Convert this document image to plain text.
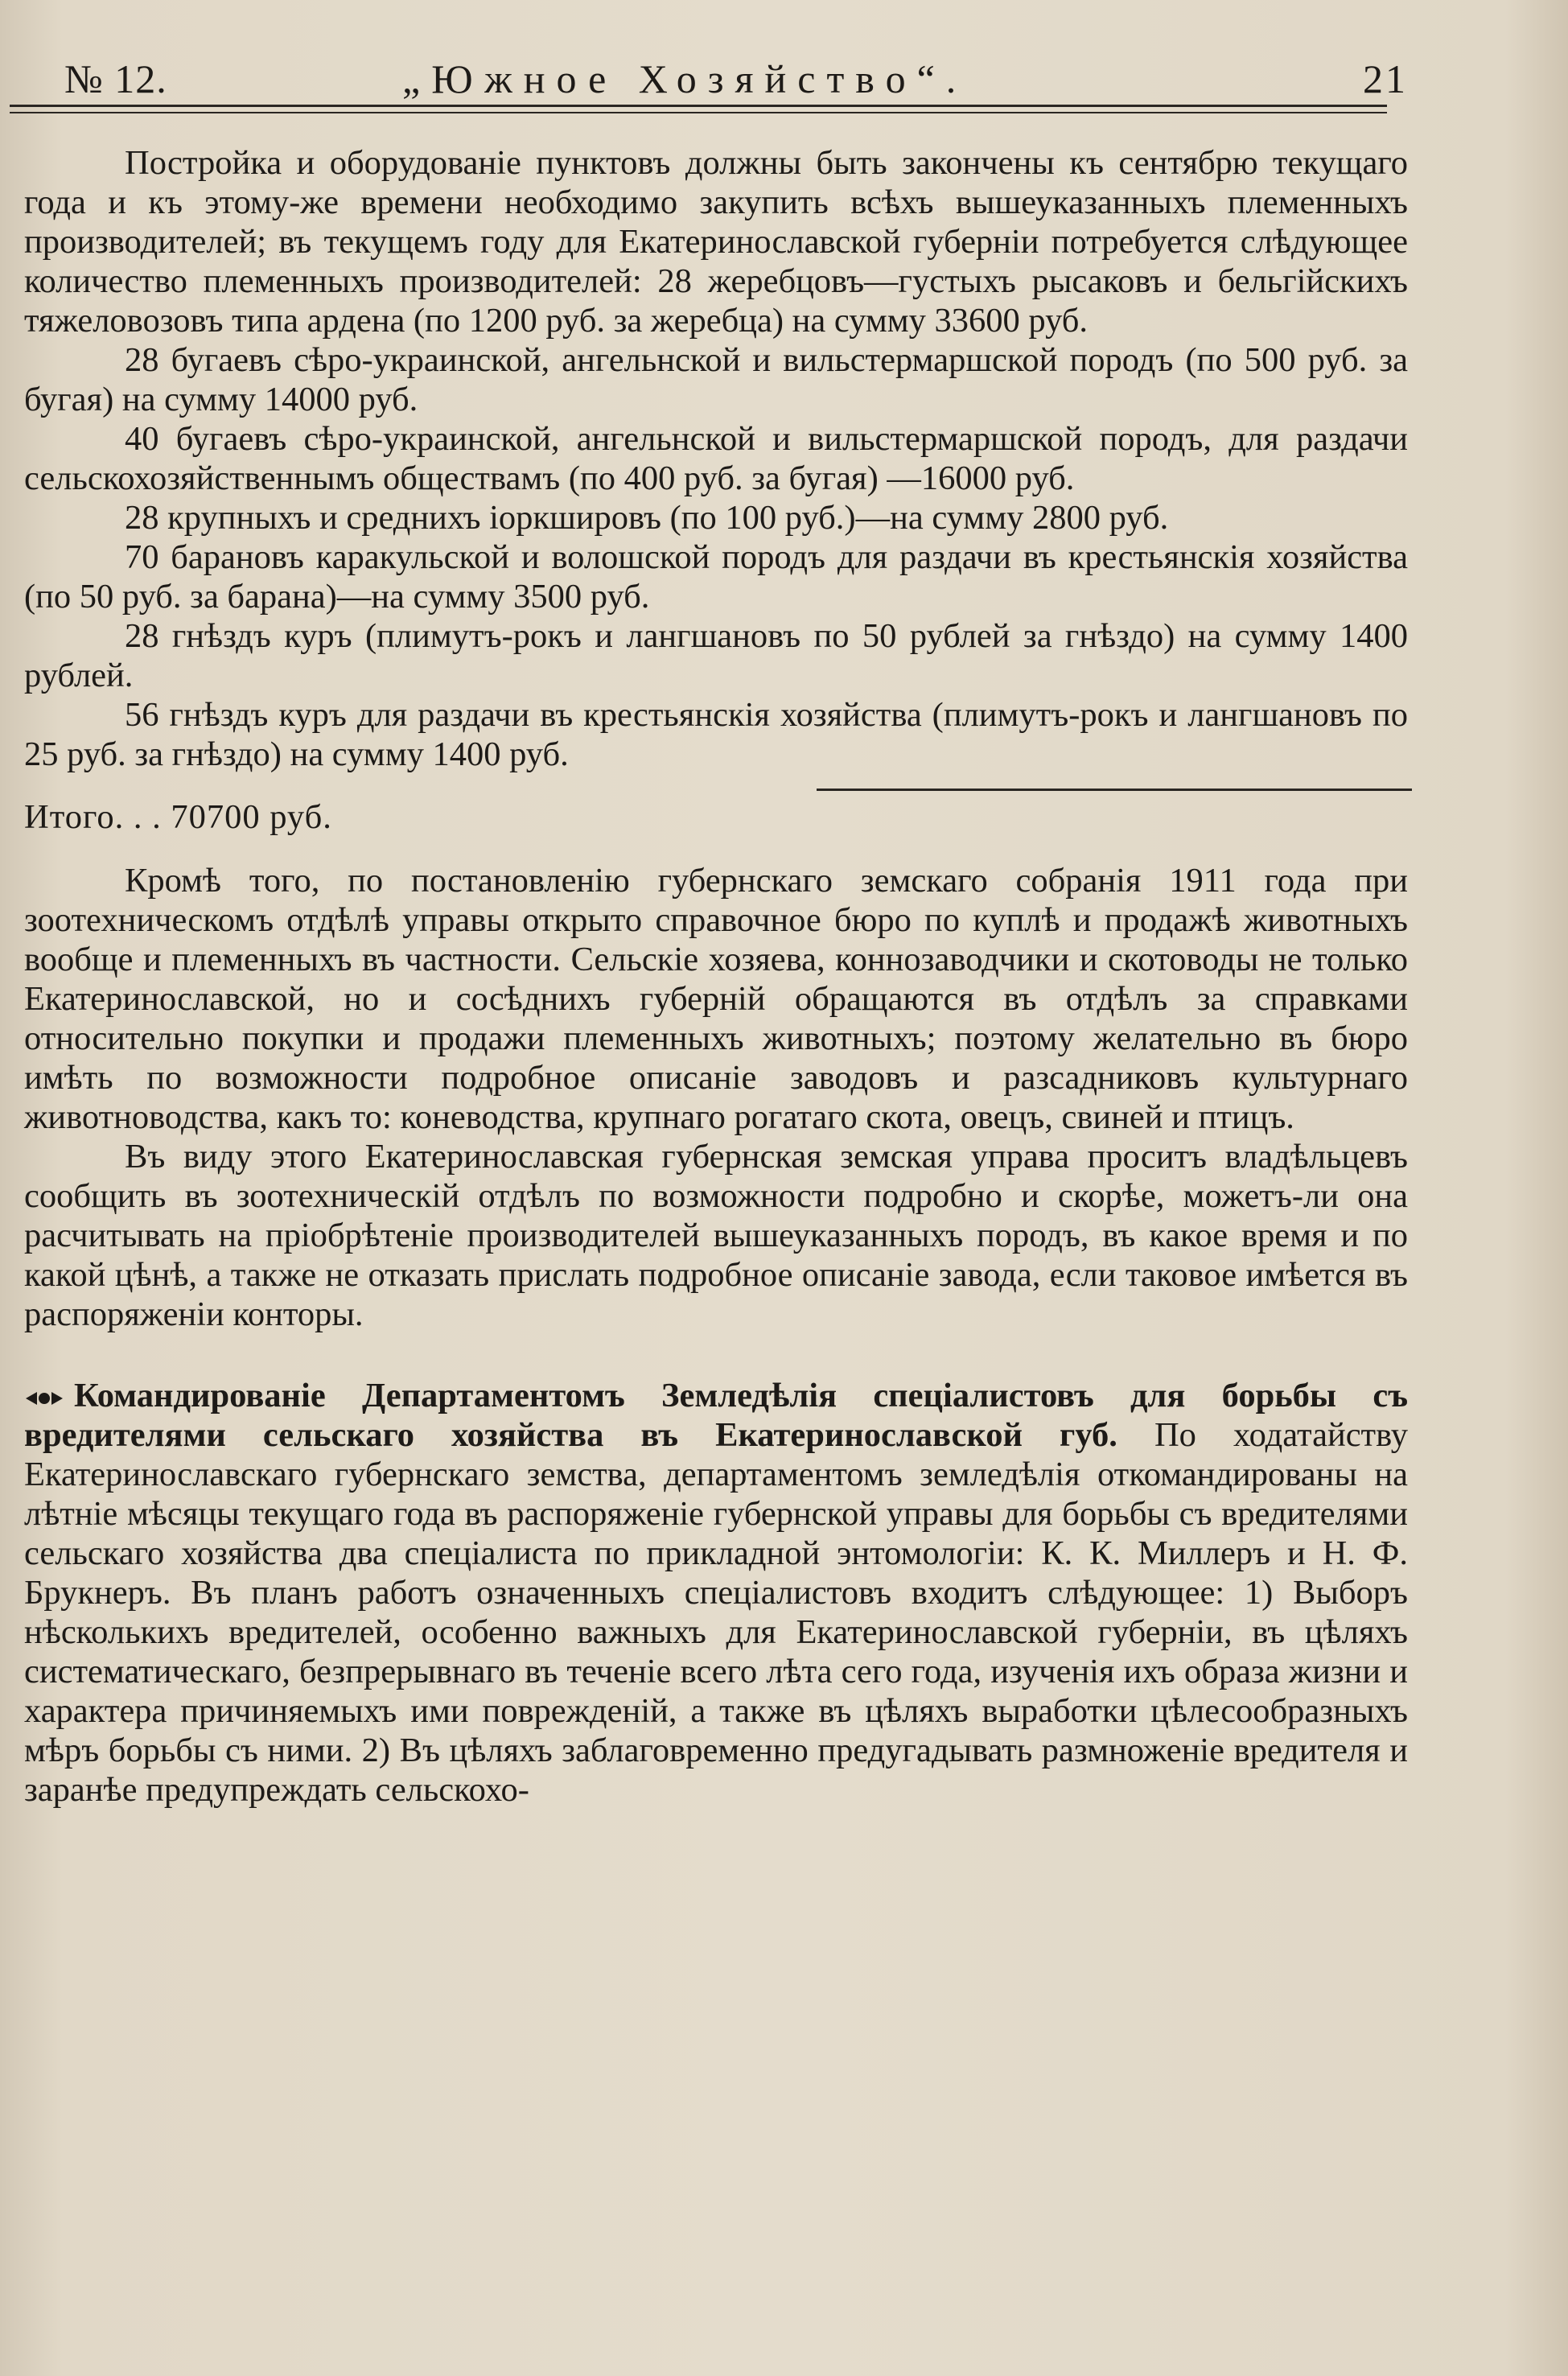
№ 12.	„Южное Хозяйство“.	21

Постройка и оборудованіе пунктовъ должны быть закончены къ сентябрю текущаго года и къ этому-же времени необходимо закупить всѣхъ вышеуказанныхъ племенныхъ производителей; въ текущемъ году для Екатеринославской губерніи потребуется слѣдующее количество племенныхъ производителей: 28 жеребцовъ—густыхъ рысаковъ и бельгійскихъ тяжеловозовъ типа ардена (по 1200 руб. за жеребца) на сумму 33600 руб.

28 бугаевъ сѣро-украинской, ангельнской и вильстермаршской породъ (по 500 руб. за бугая) на сумму 14000 руб.

40 бугаевъ сѣро-украинской, ангельнской и вильстермаршской породъ, для раздачи сельскохозяйственнымъ обществамъ (по 400 руб. за бугая) —16000 руб.

28 крупныхъ и среднихъ іоркшировъ (по 100 руб.)—на сумму 2800 руб.

70 барановъ каракульской и волошской породъ для раздачи въ крестьянскія хозяйства (по 50 руб. за барана)—на сумму 3500 руб.

28 гнѣздъ куръ (плимутъ-рокъ и лангшановъ по 50 рублей за гнѣздо) на сумму 1400 рублей.

56 гнѣздъ куръ для раздачи въ крестьянскія хозяйства (плимутъ-рокъ и лангшановъ по 25 руб. за гнѣздо) на сумму 1400 руб.

Итого. . . 70700 руб.

Кромѣ того, по постановленію губернскаго земскаго собранія 1911 года при зоотехническомъ отдѣлѣ управы открыто справочное бюро по куплѣ и продажѣ животныхъ вообще и племенныхъ въ частности. Сельскіе хозяева, коннозаводчики и скотоводы не только Екатеринославской, но и сосѣднихъ губерній обращаются въ отдѣлъ за справками относительно покупки и продажи племенныхъ животныхъ; поэтому желательно въ бюро имѣть по возможности подробное описаніе заводовъ и разсадниковъ культурнаго животноводства, какъ то: коневодства, крупнаго рогатаго скота, овецъ, свиней и птицъ.

Въ виду этого Екатеринославская губернская земская управа проситъ владѣльцевъ сообщить въ зоотехническій отдѣлъ по возможности подробно и скорѣе, можетъ-ли она расчитывать на пріобрѣтеніе производителей вышеуказанныхъ породъ, въ какое время и по какой цѣнѣ, а также не отказать прислать подробное описаніе завода, если таковое имѣется въ распоряженіи конторы.

Командированіе Департаментомъ Земледѣлія спеціалистовъ для борьбы съ вредителями сельскаго хозяйства въ Екатеринославской губ. По ходатайству Екатеринославскаго губернскаго земства, департаментомъ земледѣлія откомандированы на лѣтніе мѣсяцы текущаго года въ распоряженіе губернской управы для борьбы съ вредителями сельскаго хозяйства два спеціалиста по прикладной энтомологіи: К. К. Миллеръ и Н. Ф. Брукнеръ. Въ планъ работъ означенныхъ спеціалистовъ входитъ слѣдующее: 1) Выборъ нѣсколькихъ вредителей, особенно важныхъ для Екатеринославской губерніи, въ цѣляхъ систематическаго, безпрерывнаго въ теченіе всего лѣта сего года, изученія ихъ образа жизни и характера причиняемыхъ ими поврежденій, а также въ цѣляхъ выработки цѣлесообразныхъ мѣръ борьбы съ ними. 2) Въ цѣляхъ заблаговременно предугадывать размноженіе вредителя и заранѣе предупреждать сельскохо-
